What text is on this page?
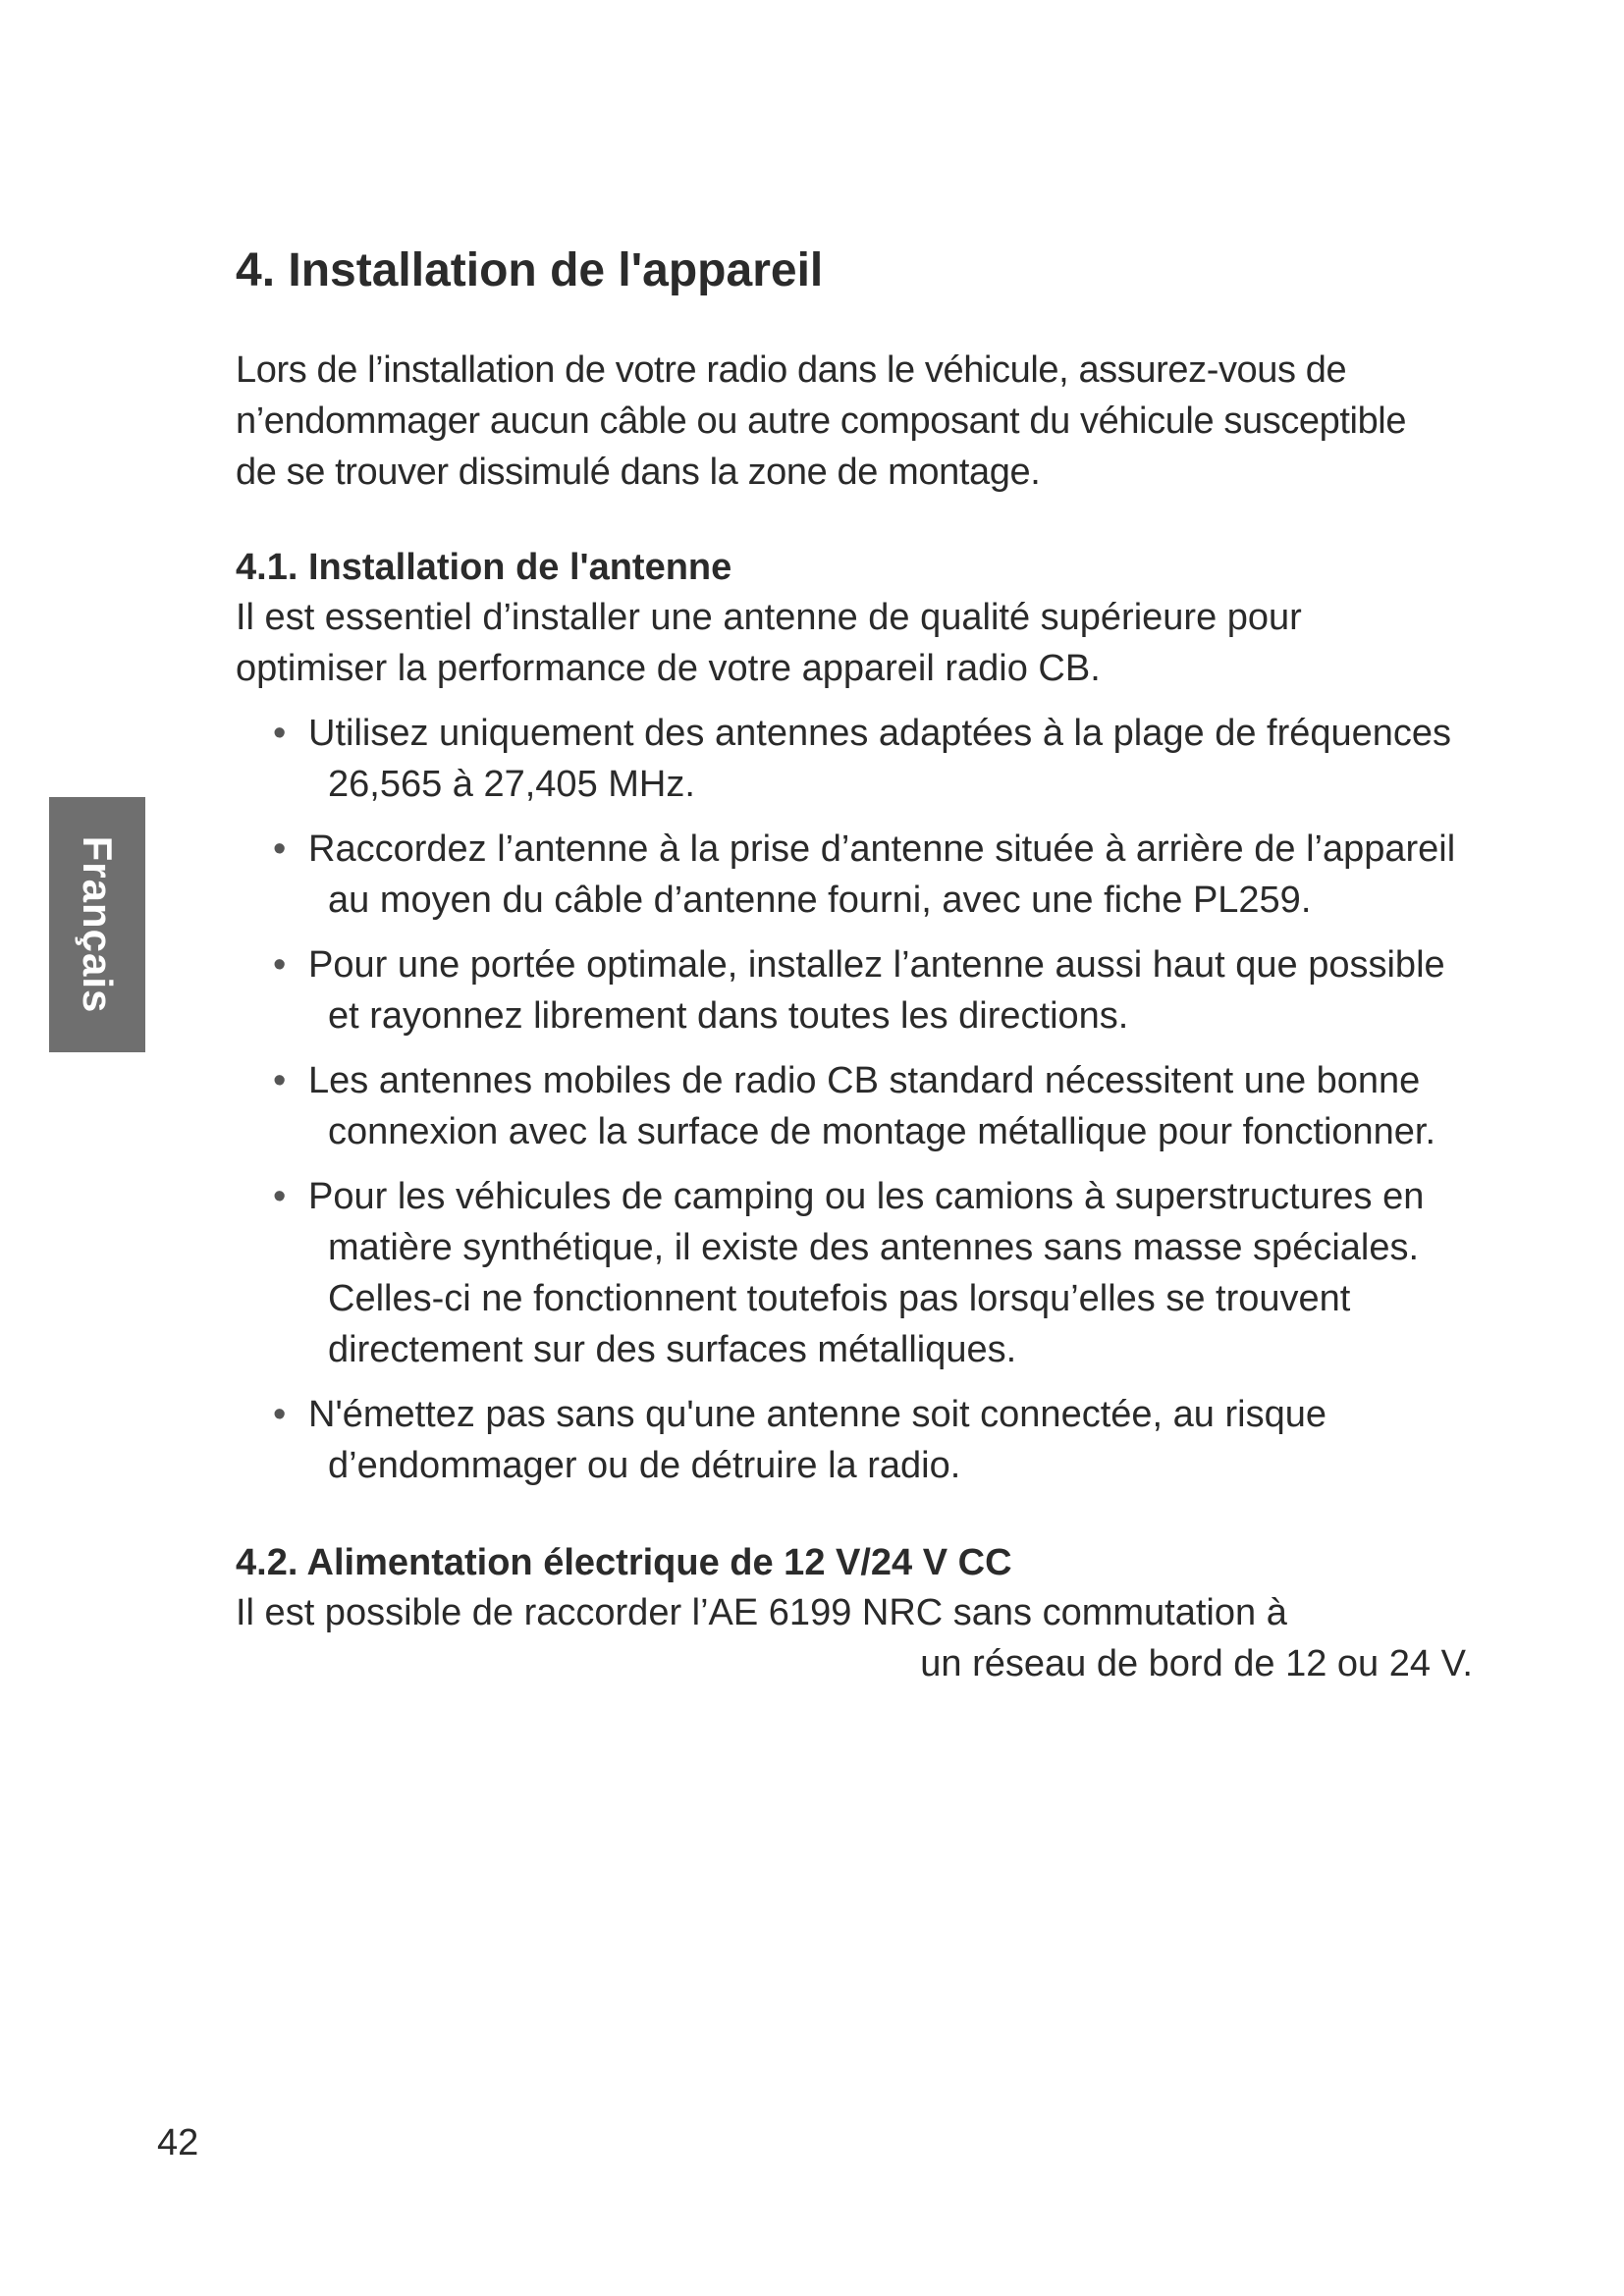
Français
4. Installation de l'appareil

Lors de l’installation de votre radio dans le véhicule, assurez-vous de n’endommager aucun câble ou autre composant du véhicule susceptible de se trouver dissimulé dans la zone de montage.

4.1. Installation de l'antenne

Il est essentiel d’installer une antenne de qualité supérieure pour optimiser la performance de votre appareil radio CB.

• Utilisez uniquement des antennes adaptées à la plage de fréquences 26,565 à 27,405 MHz.
• Raccordez l’antenne à la prise d’antenne située à arrière de l’appareil au moyen du câble d’antenne fourni, avec une fiche PL259.
• Pour une portée optimale, installez l’antenne aussi haut que possible et rayonnez librement dans toutes les directions.
• Les antennes mobiles de radio CB standard nécessitent une bonne connexion avec la surface de montage métallique pour fonctionner.
• Pour les véhicules de camping ou les camions à superstructures en matière synthétique, il existe des antennes sans masse spéciales. Celles-ci ne fonctionnent toutefois pas lorsqu’elles se trouvent directement sur des surfaces métalliques.
• N'émettez pas sans qu'une antenne soit connectée, au risque d’endommager ou de détruire la radio.
4.2. Alimentation électrique de 12 V/24 V CC

Il est possible de raccorder l’AE 6199 NRC sans commutation à
un réseau de bord de 12 ou 24 V.

42
